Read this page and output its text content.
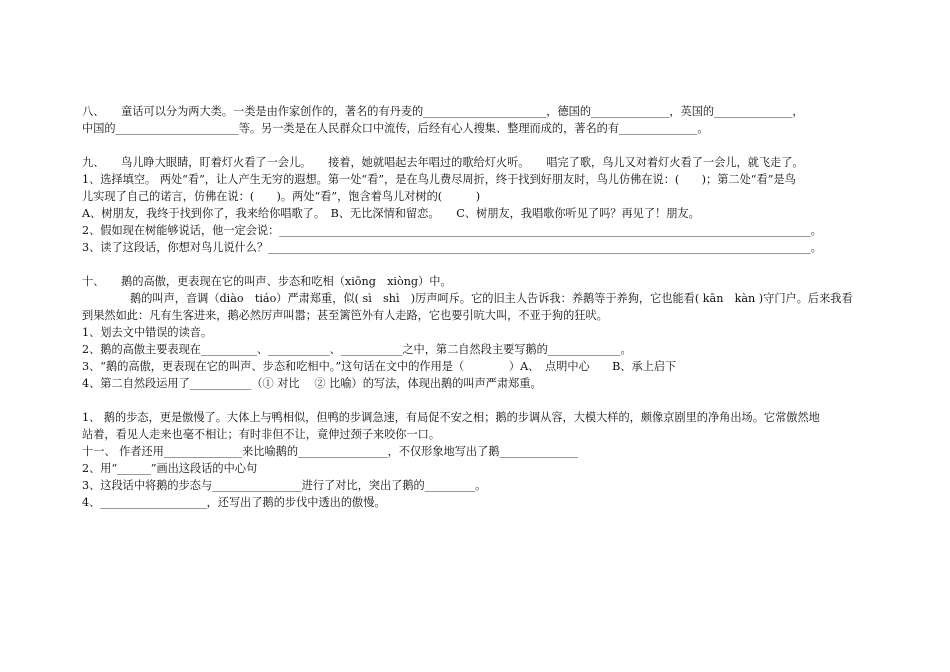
八、　　童话可以分为两大类。一类是由作家创作的，著名的有丹麦的______________________，德国的______________，英国的______________，
中国的______________________等。另一类是在人民群众口中流传，后经有心人搜集、整理而成的，著名的有______________。
九、　　鸟儿睁大眼睛，盯着灯火看了一会儿。　　接着，她就唱起去年唱过的歌给灯火听。　　唱完了歌，鸟儿又对着灯火看了一会儿，就飞走了。
1、选择填空。 两处“看”，让人产生无穷的遐想。第一处“看”，是在鸟儿费尽周折，终于找到好朋友时，鸟儿仿佛在说：(　　)；第二处“看”是鸟
儿实现了自己的诺言，仿佛在说：(　　)。两处“看”，饱含着鸟儿对树的(　　　)
A、树朋友，我终于找到你了，我来给你唱歌了。　B、无比深情和留恋。　　C、树朋友，我唱歌你听见了吗？再见了！朋友。
2、假如现在树能够说话，他一定会说：_______________________________________________________________________________________________。
3、读了这段话，你想对鸟儿说什么？_________________________________________________________________________________________________。
十、　　鹅的高傲，更表现在它的叫声、步态和吃相（xiōng　xiòng）中。
鹅的叫声，音调（diào　tiáo）严肃郑重，似( sì　shì　)厉声呵斥。它的旧主人告诉我：养鹅等于养狗，它也能看( kān　kàn )守门户。后来我看
到果然如此：凡有生客进来，鹅必然厉声叫嚣；甚至篱笆外有人走路，它也要引吭大叫，不亚于狗的狂吠。
1、划去文中错误的读音。
2、鹅的高傲主要表现在__________、___________、___________之中，第二自然段主要写鹅的_____________。
3、“鹅的高傲，更表现在它的叫声、步态和吃相中。”这句话在文中的作用是（　　　　）A、　点明中心　　B、承上启下
4、第二自然段运用了___________（① 对比　 ② 比喻）的写法，体现出鹅的叫声严肃郑重。
1、 鹅的步态，更是傲慢了。大体上与鸭相似，但鸭的步调急速，有局促不安之相；鹅的步调从容，大模大样的，颇像京剧里的净角出场。它常傲然地
站着，看见人走来也毫不相让；有时非但不让，竟伸过颈子来咬你一口。
十一、 作者还用______________来比喻鹅的________________，不仅形象地写出了鹅______________
2、用“______”画出这段话的中心句
3、这段话中将鹅的步态与________________进行了对比，突出了鹅的_________。
4、___________________，还写出了鹅的步伐中透出的傲慢。
